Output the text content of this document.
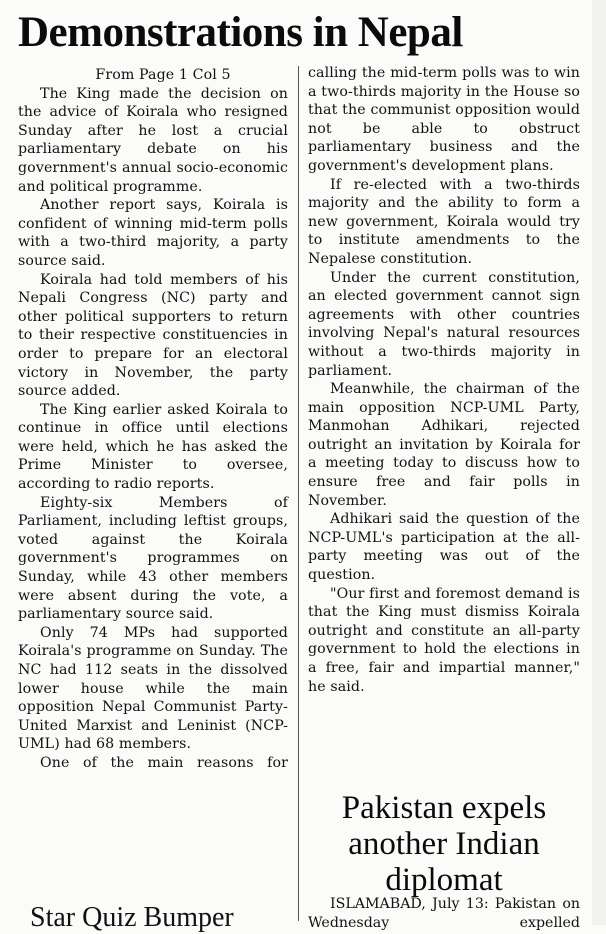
Demonstrations in Nepal

From Page 1 Col 5

The King made the decision on the advice of Koirala who resigned Sunday after he lost a crucial parliamentary debate on his government's annual socio-economic and political programme.

Another report says, Koirala is confident of winning mid-term polls with a two-third majority, a party source said.

Koirala had told members of his Nepali Congress (NC) party and other political supporters to return to their respective constituencies in order to prepare for an electoral victory in November, the party source added.

The King earlier asked Koirala to continue in office until elections were held, which he has asked the Prime Minister to oversee, according to radio reports.

Eighty-six Members of Parliament, including leftist groups, voted against the Koirala government's programmes on Sunday, while 43 other members were absent during the vote, a parliamentary source said.

Only 74 MPs had supported Koirala's programme on Sunday. The NC had 112 seats in the dissolved lower house while the main opposition Nepal Communist Party-United Marxist and Leninist (NCP-UML) had 68 members.

One of the main reasons for

calling the mid-term polls was to win a two-thirds majority in the House so that the communist opposition would not be able to obstruct parliamentary business and the government's development plans.

If re-elected with a two-thirds majority and the ability to form a new government, Koirala would try to institute amendments to the Nepalese constitution.

Under the current constitution, an elected government cannot sign agreements with other countries involving Nepal's natural resources without a two-thirds majority in parliament.

Meanwhile, the chairman of the main opposition NCP-UML Party, Manmohan Adhikari, rejected outright an invitation by Koirala for a meeting today to discuss how to ensure free and fair polls in November.

Adhikari said the question of the NCP-UML's participation at the all-party meeting was out of the question.

"Our first and foremost demand is that the King must dismiss Koirala outright and constitute an all-party government to hold the elections in a free, fair and impartial manner," he said.

Pakistan expels another Indian diplomat
ISLAMABAD, July 13: Pakistan on Wednesday expelled
Star Quiz Bumper
